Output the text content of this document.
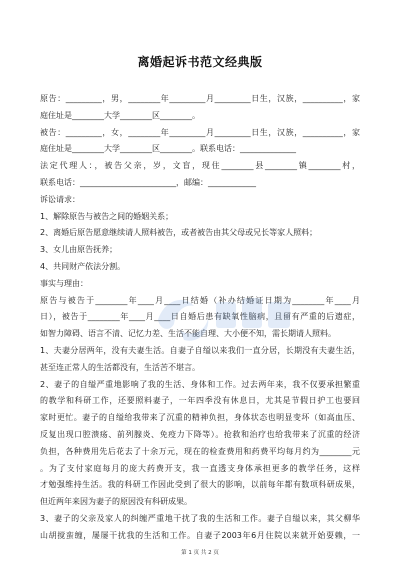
离婚起诉书范文经典版
原告：_________，男，________年_________月_________日生，汉族，__________，家
庭住址是________大学________区________。
被告：_________，女，________年_________月_________日生，汉族，__________，家
庭住址是________大学________区________。联系电话：______________
法定代理人：，被告父亲，岁，文盲，现住________县________镇________村，
联系电话：________________________，邮编：____________
诉讼请求：
1、解除原告与被告之间的婚姻关系；
2、离婚后原告愿意继续请人照料被告，或者被告由其父母或兄长等家人照料；
3、女儿由原告抚养；
4、共同财产依法分割。
事实与理由：
原告与被告于________年____月____日结婚（补办结婚证日期为________年____月
日），被告于________年____月____日自婚后患有缺氧性脑病，且留有严重的后遗症，
如智力障碍、语言不清、记忆力差、生活不能自理、大小便不知，需长期请人照料。
1、夫妻分居两年，没有夫妻生活。自妻子自缢以来我们一直分居，长期没有夫妻生活，
甚至连正常人的生活都没有，生活苦不堪言。
2、妻子的自缢严重地影响了我的生活、身体和工作。过去两年来，我不仅要承担繁重
的教学和科研工作，还要照料妻子，一年四季没有休息日，尤其是节假日护工也要回
家时更忙。妻子的自缢给我带来了沉重的精神负担，身体状态也明显变坏（如高血压、
反复出现口腔溃疡、前列腺炎、免疫力下降等）。抢救和治疗也给我带来了沉重的经济
负担，各种费用先后花去了十余万元，现在的检查费用和药费平均每月约为________元
。为了支付家庭每月的庞大药费开支，我一直透支身体承担更多的教学任务，这样
才勉强维持生活。我的科研工作因此受到了很大的影响，以前每年都有数项科研成果，
但近两年来因为妻子的原因没有科研成果。
3、妻子的父亲及家人的纠缠严重地干扰了我的生活和工作。妻子自缢以来，其父柳华
山胡搅蛮缠，屡屡干扰我的生活和工作。自妻子2003年6月住院以来就开始耍赖，一
第 1 页 共 2 页
